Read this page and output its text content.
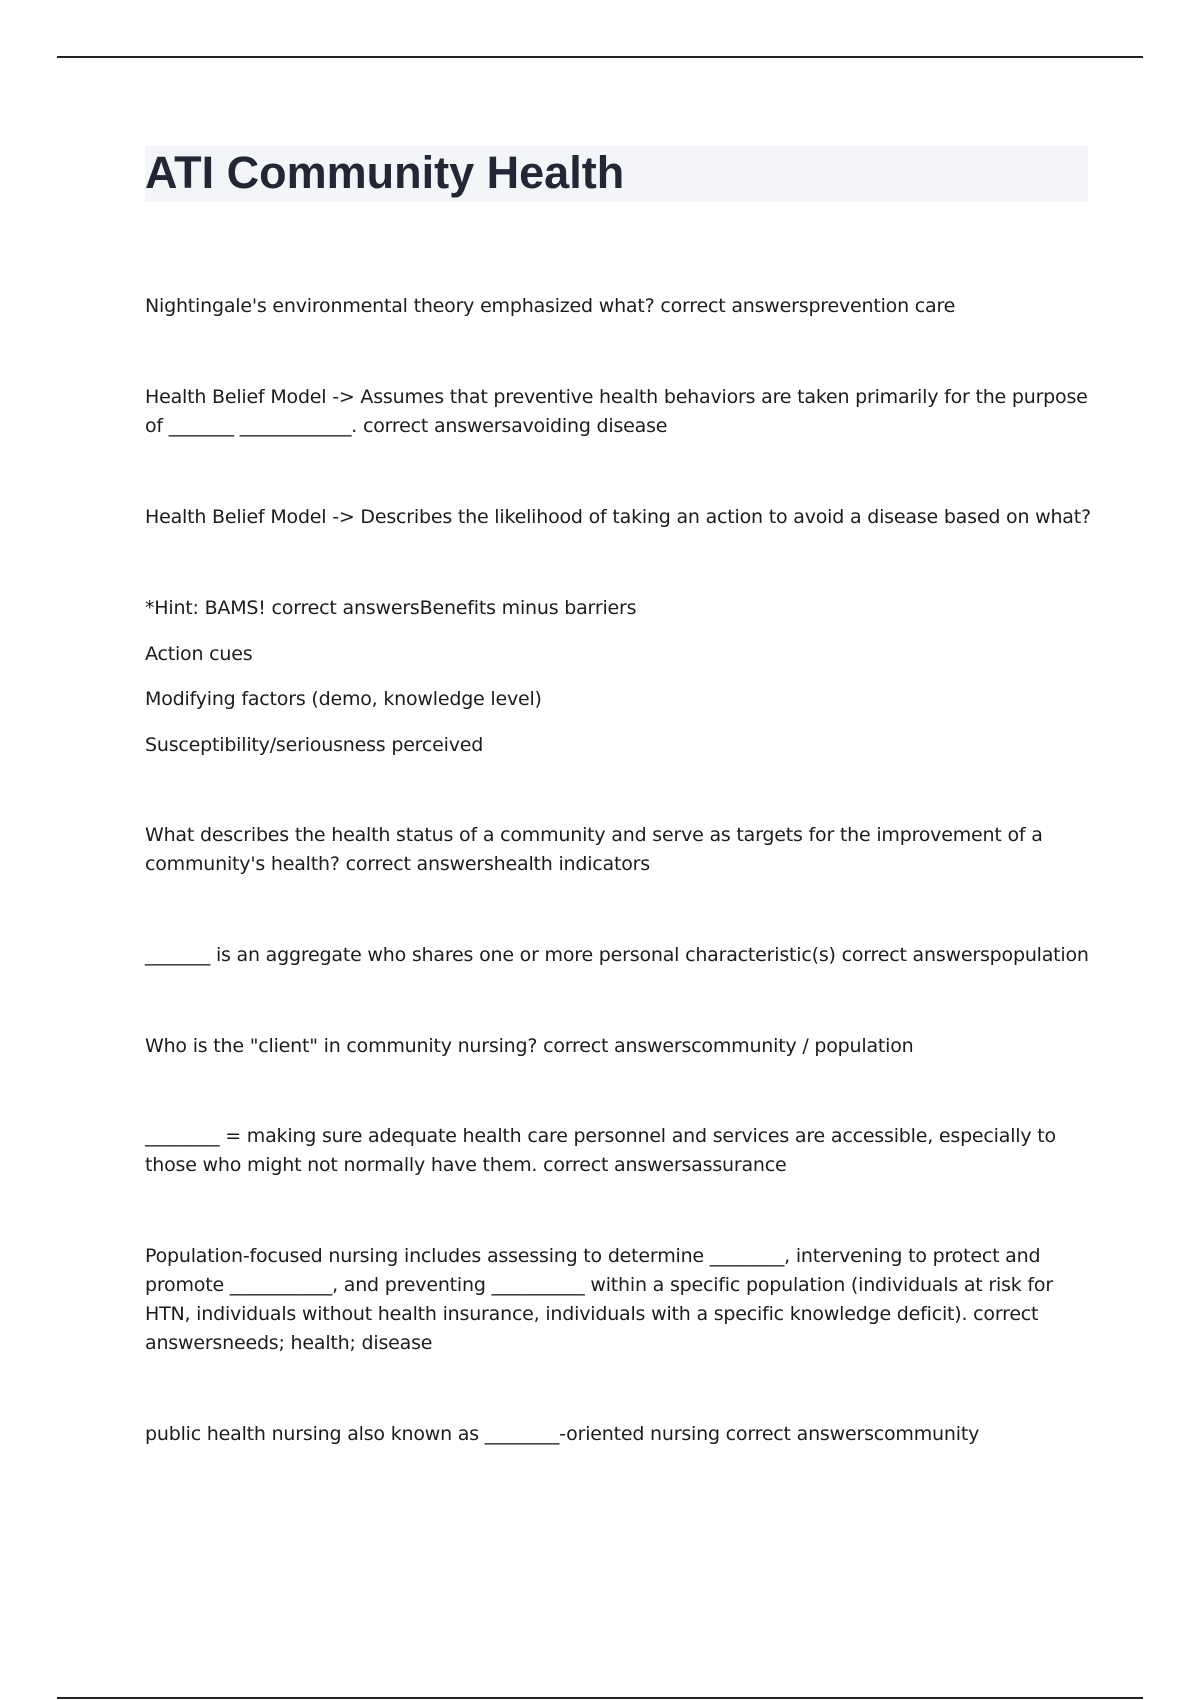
ATI Community Health

Nightingale's environmental theory emphasized what? correct answersprevention care

Health Belief Model -> Assumes that preventive health behaviors are taken primarily for the purpose of _______ ____________. correct answersavoiding disease

Health Belief Model -> Describes the likelihood of taking an action to avoid a disease based on what?

*Hint: BAMS! correct answersBenefits minus barriers

Action cues

Modifying factors (demo, knowledge level)

Susceptibility/seriousness perceived

What describes the health status of a community and serve as targets for the improvement of a community's health? correct answershealth indicators

_______ is an aggregate who shares one or more personal characteristic(s) correct answerspopulation

Who is the "client" in community nursing? correct answerscommunity / population

________ = making sure adequate health care personnel and services are accessible, especially to those who might not normally have them. correct answersassurance

Population-focused nursing includes assessing to determine ________, intervening to protect and promote ___________, and preventing __________ within a specific population (individuals at risk for HTN, individuals without health insurance, individuals with a specific knowledge deficit). correct answersneeds; health; disease

public health nursing also known as ________-oriented nursing correct answerscommunity
